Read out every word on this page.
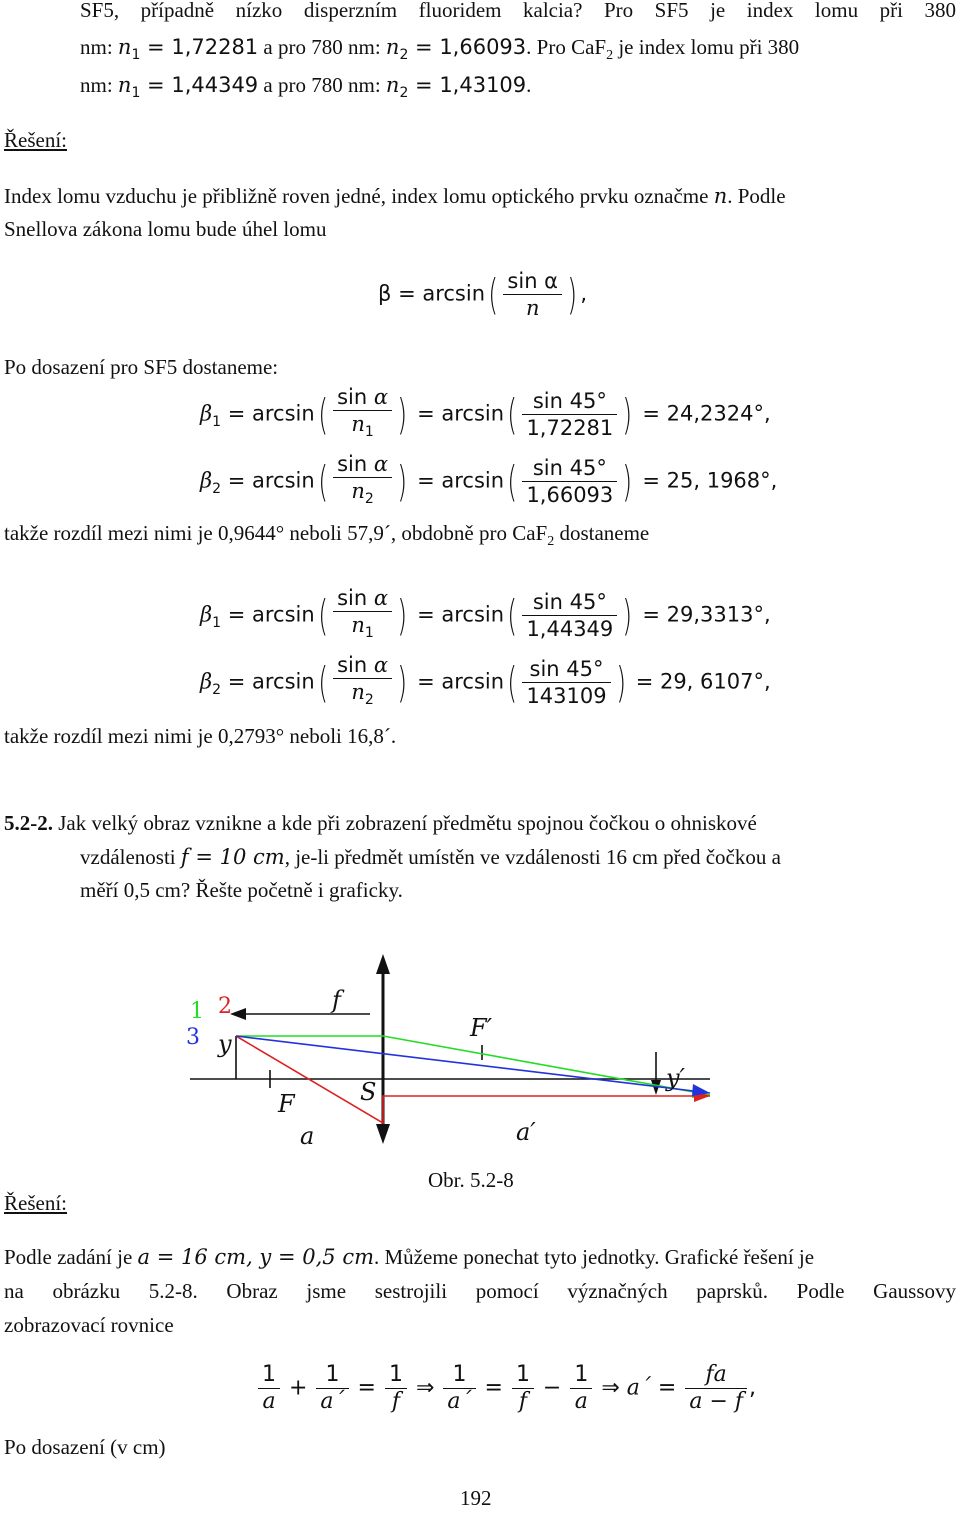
SF5, případně nízko disperzním fluoridem kalcia? Pro SF5 je index lomu při 380
nm: $n_1 = 1,72281$ a pro 780 nm: $n_2 = 1,66093$. Pro CaF$_2$ je index lomu při 380
nm: $n_1 = 1,44349$ a pro 780 nm: $n_2 = 1,43109$.
Řešení:
Index lomu vzduchu je přibližně roven jedné, index lomu optického prvku označme n. Podle
Snellova zákona lomu bude úhel lomu
$\beta = \arcsin( \frac{\text{sin α}}{n}$ ) ,
Po dosazení pro SF5 dostaneme:
$\beta_1 = \arcsin( \frac{\text{sin α}}{n_1}$ ) = $\arcsin( \frac{\sin 45^\circ}{1,72281}$ ) = 24,2324°,
$\beta_2 = \arcsin( \frac{\text{sin α}}{n_2}$ ) = $\arcsin( \frac{\sin 45^\circ}{1,66093}$ ) = 25, 1968°,
takže rozdíl mezi nimi je 0,9644° neboli 57,9´, obdobně pro CaF$_2$ dostaneme
$\beta_1 = \arcsin( \frac{\text{sin α}}{n_1}$ ) = $\arcsin( \frac{\sin 45^\circ}{1,44349}$ ) = 29,3313°,
$\beta_2 = \arcsin( \frac{\text{sin α}}{n_2}$ ) = $\arcsin( \frac{\sin 45^\circ}{143109}$ ) = 29, 6107°,
takže rozdíl mezi nimi je 0,2793° neboli 16,8´.
5.2-2. Jak velký obraz vznikne a kde při zobrazení předmětu spojnou čočkou o ohniskové
vzdálenosti f = 10 cm, je-li předmět umístěn ve vzdálenosti 16 cm před čočkou a
měří 0,5 cm? Řešte početně i graficky.
1 2
3 y
f
F	S
F′
y′
a	a′
Obr. 5.2-8
Řešení:
Podle zadání je a = 16 cm, y = 0,5 cm. Můžeme ponechat tyto jednotky. Grafické řešení je
na obrázku 5.2-8. Obraz jsme sestrojili pomocí význačných paprsků. Podle Gaussovy
zobrazovací rovnice
$\frac{1}{a} + \frac{1}{a´} = \frac{1}{f}$ ⇒ $\frac{1}{a´} = \frac{1}{f} - \frac{1}{a}$ ⇒ a´ = $\frac{fa}{a - f}$ ,
Po dosazení (v cm)
192
